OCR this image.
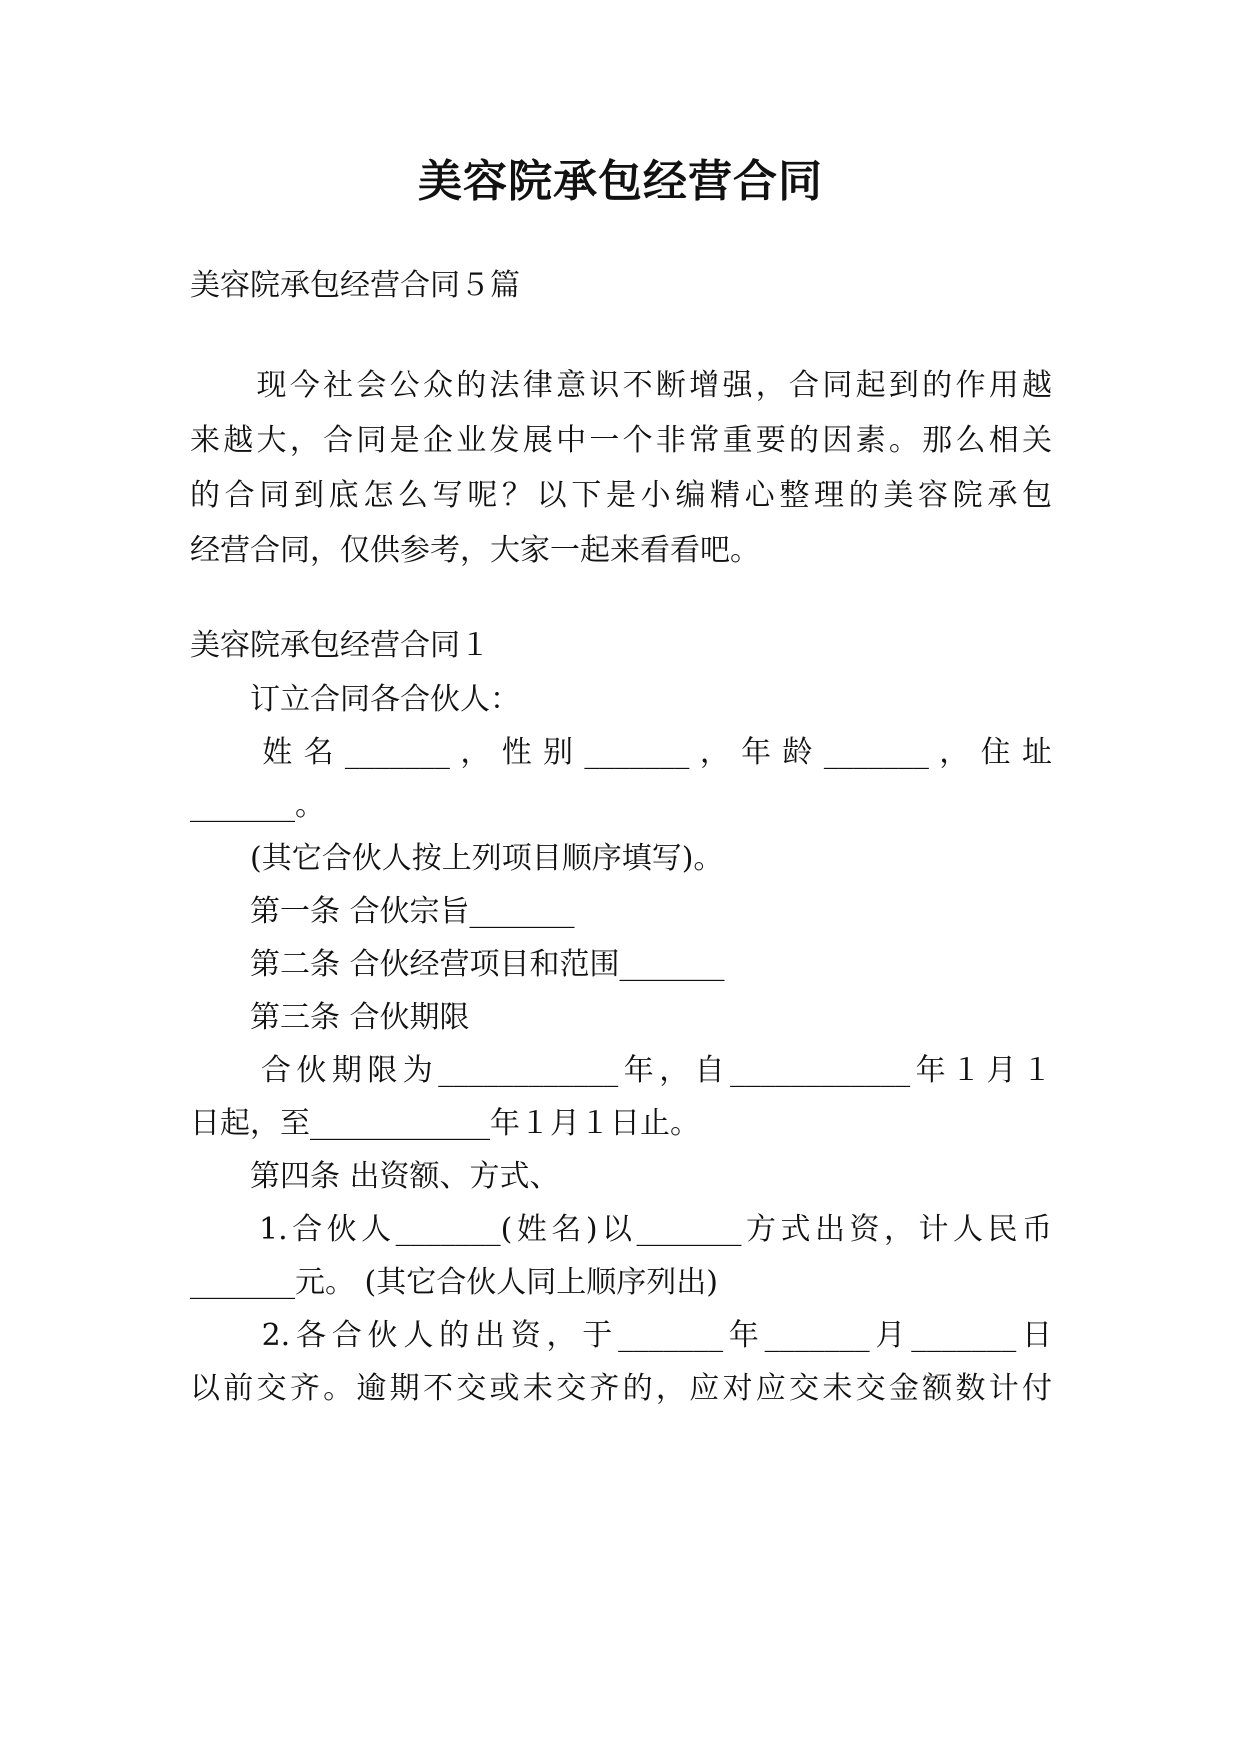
美容院承包经营合同
美容院承包经营合同５篇
　　现今社会公众的法律意识不断增强，合同起到的作用越
来越大，合同是企业发展中一个非常重要的因素。那么相关
的合同到底怎么写呢？以下是小编精心整理的美容院承包
经营合同，仅供参考，大家一起来看看吧。
美容院承包经营合同１
　　订立合同各合伙人：
　　 姓 名 _______ ， 性 别 _______ ， 年 龄 _______ ， 住 址
_______。
　　(其它合伙人按上列项目顺序填写)。
　　第一条 合伙宗旨_______
　　第二条 合伙经营项目和范围_______
　　第三条 合伙期限
　　合伙期限为____________年，自____________年１月１
日起，至____________年１月１日止。
　　第四条 出资额、方式、
　　1.合伙人_______(姓名)以_______方式出资，计人民币
_______元。 (其它合伙人同上顺序列出)
　　2.各合伙人的出资，于_______年_______月_______日
以前交齐。逾期不交或未交齐的，应对应交未交金额数计付
